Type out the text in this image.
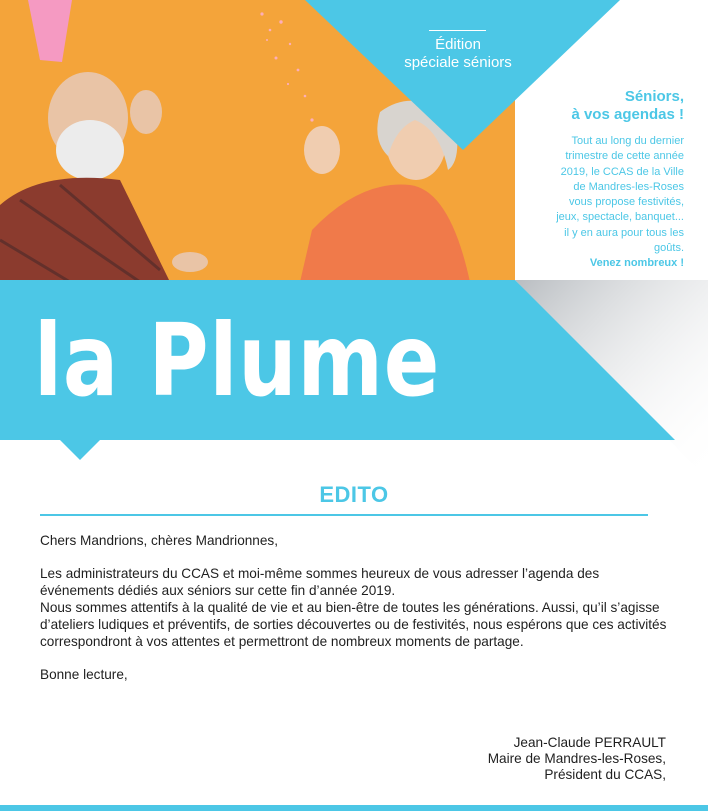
Édition
spéciale séniors
Séniors,
à vos agendas !
Tout au long du dernier
trimestre de cette année
2019, le CCAS de la Ville
de Mandres-les-Roses
vous propose festivités,
jeux, spectacle, banquet...
il y en aura pour tous les
goûts.
Venez nombreux !
la Plume
EDITO

Chers Mandrions, chères Mandrionnes,

Les administrateurs du CCAS et moi-même sommes heureux de vous adresser l’agenda des événements dédiés aux séniors sur cette fin d’année 2019.

Nous sommes attentifs à la qualité de vie et au bien-être de toutes les générations. Aussi, qu’il s’agisse d’ateliers ludiques et préventifs, de sorties découvertes ou de festivités, nous espérons que ces activités correspondront à vos attentes et permettront de nombreux moments de partage.

Bonne lecture,

Jean-Claude PERRAULT
Maire de Mandres-les-Roses,
Président du CCAS,
